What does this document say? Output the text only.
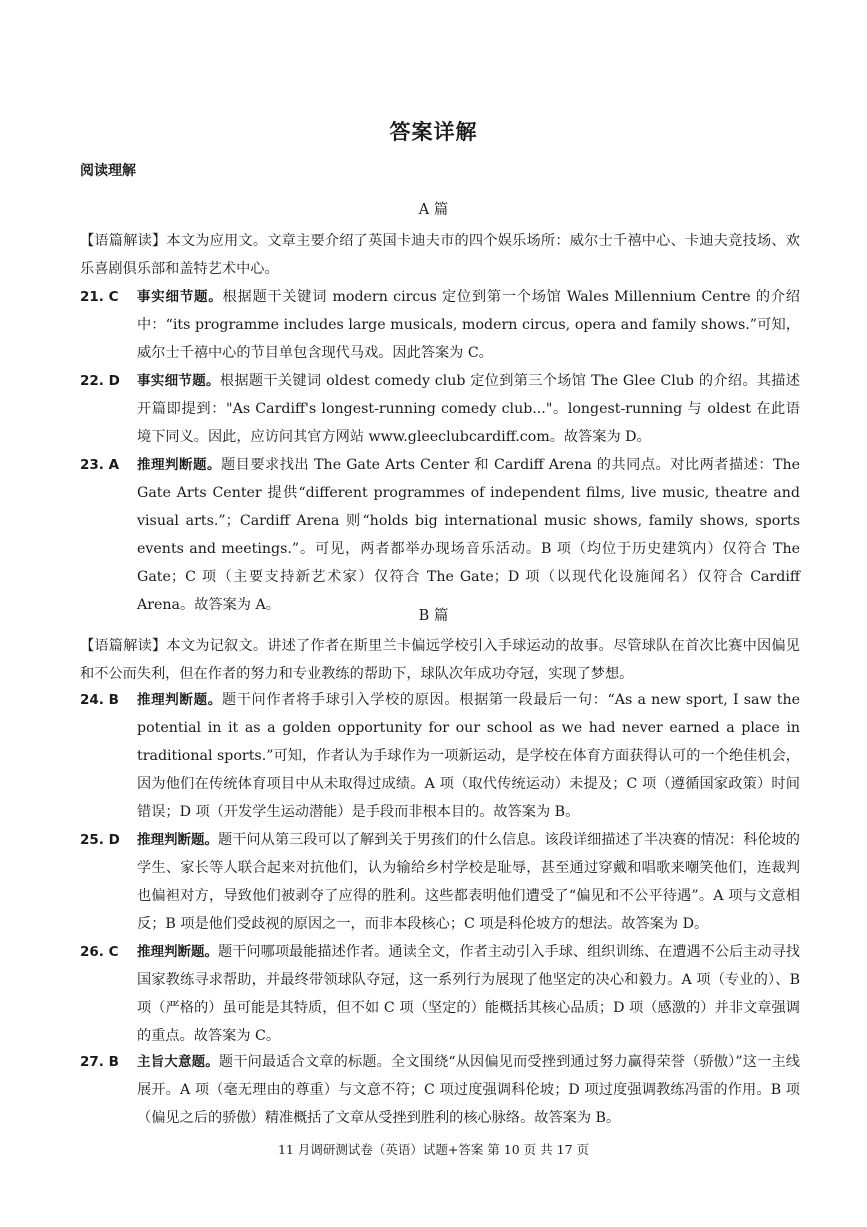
答案详解
阅读理解
A 篇

【语篇解读】本文为应用文。文章主要介绍了英国卡迪夫市的四个娱乐场所：威尔士千禧中心、卡迪夫竞技场、欢乐喜剧俱乐部和盖特艺术中心。

21. C	事实细节题。根据题干关键词 modern circus 定位到第一个场馆 Wales Millennium Centre 的介绍中：“its programme includes large musicals, modern circus, opera and family shows.”可知，威尔士千禧中心的节目单包含现代马戏。因此答案为 C。
22. D	事实细节题。根据题干关键词 oldest comedy club 定位到第三个场馆 The Glee Club 的介绍。其描述开篇即提到："As Cardiff's longest-running comedy club..."。longest-running 与 oldest 在此语境下同义。因此，应访问其官方网站 www.gleeclubcardiff.com。故答案为 D。
23. A	推理判断题。题目要求找出 The Gate Arts Center 和 Cardiff Arena 的共同点。对比两者描述：The Gate Arts Center 提供“different programmes of independent films, live music, theatre and visual arts.”；Cardiff Arena 则“holds big international music shows, family shows, sports events and meetings.”。可见，两者都举办现场音乐活动。B 项（均位于历史建筑内）仅符合 The Gate；C 项（主要支持新艺术家）仅符合 The Gate；D 项（以现代化设施闻名）仅符合 Cardiff Arena。故答案为 A。
B 篇

【语篇解读】本文为记叙文。讲述了作者在斯里兰卡偏远学校引入手球运动的故事。尽管球队在首次比赛中因偏见和不公而失利，但在作者的努力和专业教练的帮助下，球队次年成功夺冠，实现了梦想。

24. B	推理判断题。题干问作者将手球引入学校的原因。根据第一段最后一句：“As a new sport, I saw the potential in it as a golden opportunity for our school as we had never earned a place in traditional sports.”可知，作者认为手球作为一项新运动，是学校在体育方面获得认可的一个绝佳机会，因为他们在传统体育项目中从未取得过成绩。A 项（取代传统运动）未提及；C 项（遵循国家政策）时间错误；D 项（开发学生运动潜能）是手段而非根本目的。故答案为 B。
25. D	推理判断题。题干问从第三段可以了解到关于男孩们的什么信息。该段详细描述了半决赛的情况：科伦坡的学生、家长等人联合起来对抗他们，认为输给乡村学校是耻辱，甚至通过穿戴和唱歌来嘲笑他们，连裁判也偏袒对方，导致他们被剥夺了应得的胜利。这些都表明他们遭受了“偏见和不公平待遇”。A 项与文意相反；B 项是他们受歧视的原因之一，而非本段核心；C 项是科伦坡方的想法。故答案为 D。
26. C	推理判断题。题干问哪项最能描述作者。通读全文，作者主动引入手球、组织训练、在遭遇不公后主动寻找国家教练寻求帮助，并最终带领球队夺冠，这一系列行为展现了他坚定的决心和毅力。A 项（专业的）、B 项（严格的）虽可能是其特质，但不如 C 项（坚定的）能概括其核心品质；D 项（感激的）并非文章强调的重点。故答案为 C。
27. B	主旨大意题。题干问最适合文章的标题。全文围绕“从因偏见而受挫到通过努力赢得荣誉（骄傲）”这一主线展开。A 项（毫无理由的尊重）与文意不符；C 项过度强调科伦坡；D 项过度强调教练冯雷的作用。B 项（偏见之后的骄傲）精准概括了文章从受挫到胜利的核心脉络。故答案为 B。
11 月调研测试卷（英语）试题+答案 第 10 页 共 17 页
